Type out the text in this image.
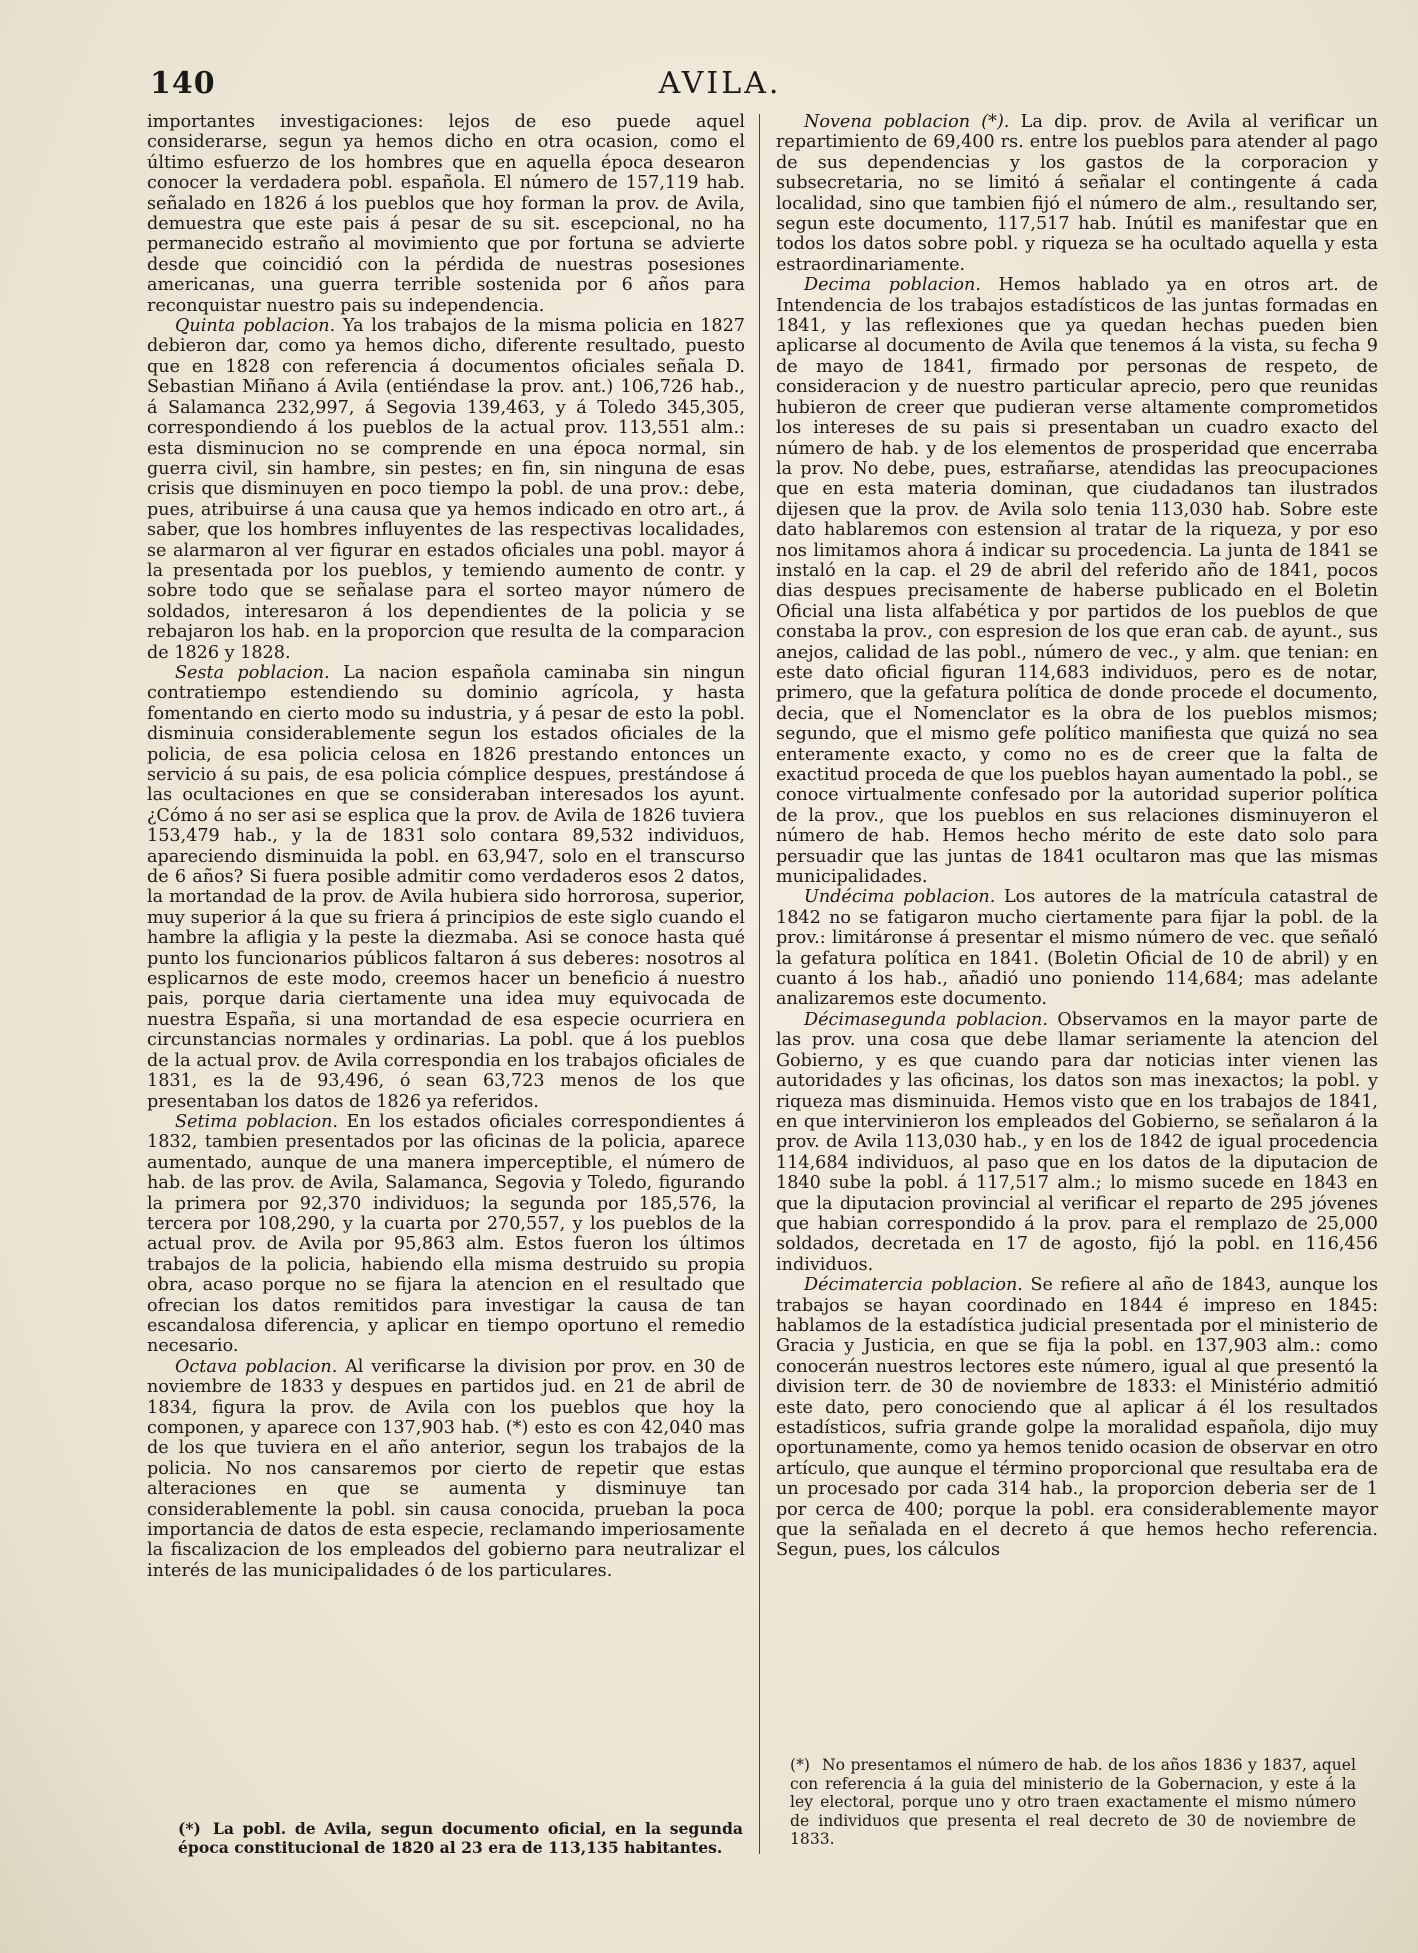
140	AVILA.

importantes investigaciones: lejos de eso puede aquel considerarse, segun ya hemos dicho en otra ocasion, como el último esfuerzo de los hombres que en aquella época desearon conocer la verdadera pobl. española. El número de 157,119 hab. señalado en 1826 á los pueblos que hoy forman la prov. de Avila, demuestra que este pais á pesar de su sit. escepcional, no ha permanecido estraño al movimiento que por fortuna se advierte desde que coincidió con la pérdida de nuestras posesiones americanas, una guerra terrible sostenida por 6 años para reconquistar nuestro pais su independencia.

Quinta poblacion. Ya los trabajos de la misma policia en 1827 debieron dar, como ya hemos dicho, diferente resultado, puesto que en 1828 con referencia á documentos oficiales señala D. Sebastian Miñano á Avila (entiéndase la prov. ant.) 106,726 hab., á Salamanca 232,997, á Segovia 139,463, y á Toledo 345,305, correspondiendo á los pueblos de la actual prov. 113,551 alm.: esta disminucion no se comprende en una época normal, sin guerra civil, sin hambre, sin pestes; en fin, sin ninguna de esas crisis que disminuyen en poco tiempo la pobl. de una prov.: debe, pues, atribuirse á una causa que ya hemos indicado en otro art., á saber, que los hombres influyentes de las respectivas localidades, se alarmaron al ver figurar en estados oficiales una pobl. mayor á la presentada por los pueblos, y temiendo aumento de contr. y sobre todo que se señalase para el sorteo mayor número de soldados, interesaron á los dependientes de la policia y se rebajaron los hab. en la proporcion que resulta de la comparacion de 1826 y 1828.

Sesta poblacion. La nacion española caminaba sin ningun contratiempo estendiendo su dominio agrícola, y hasta fomentando en cierto modo su industria, y á pesar de esto la pobl. disminuia considerablemente segun los estados oficiales de la policia, de esa policia celosa en 1826 prestando entonces un servicio á su pais, de esa policia cómplice despues, prestándose á las ocultaciones en que se consideraban interesados los ayunt. ¿Cómo á no ser asi se esplica que la prov. de Avila de 1826 tuviera 153,479 hab., y la de 1831 solo contara 89,532 individuos, apareciendo disminuida la pobl. en 63,947, solo en el transcurso de 6 años? Si fuera posible admitir como verdaderos esos 2 datos, la mortandad de la prov. de Avila hubiera sido horrorosa, superior, muy superior á la que su friera á principios de este siglo cuando el hambre la afligia y la peste la diezmaba. Asi se conoce hasta qué punto los funcionarios públicos faltaron á sus deberes: nosotros al esplicarnos de este modo, creemos hacer un beneficio á nuestro pais, porque daria ciertamente una idea muy equivocada de nuestra España, si una mortandad de esa especie ocurriera en circunstancias normales y ordinarias. La pobl. que á los pueblos de la actual prov. de Avila correspondia en los trabajos oficiales de 1831, es la de 93,496, ó sean 63,723 menos de los que presentaban los datos de 1826 ya referidos.

Setima poblacion. En los estados oficiales correspondientes á 1832, tambien presentados por las oficinas de la policia, aparece aumentado, aunque de una manera imperceptible, el número de hab. de las prov. de Avila, Salamanca, Segovia y Toledo, figurando la primera por 92,370 individuos; la segunda por 185,576, la tercera por 108,290, y la cuarta por 270,557, y los pueblos de la actual prov. de Avila por 95,863 alm. Estos fueron los últimos trabajos de la policia, habiendo ella misma destruido su propia obra, acaso porque no se fijara la atencion en el resultado que ofrecian los datos remitidos para investigar la causa de tan escandalosa diferencia, y aplicar en tiempo oportuno el remedio necesario.

Octava poblacion. Al verificarse la division por prov. en 30 de noviembre de 1833 y despues en partidos jud. en 21 de abril de 1834, figura la prov. de Avila con los pueblos que hoy la componen, y aparece con 137,903 hab. (*) esto es con 42,040 mas de los que tuviera en el año anterior, segun los trabajos de la policia. No nos cansaremos por cierto de repetir que estas alteraciones en que se aumenta y disminuye tan considerablemente la pobl. sin causa conocida, prueban la poca importancia de datos de esta especie, reclamando imperiosamente la fiscalizacion de los empleados del gobierno para neutralizar el interés de las municipalidades ó de los particulares.

Novena poblacion (*). La dip. prov. de Avila al verificar un repartimiento de 69,400 rs. entre los pueblos para atender al pago de sus dependencias y los gastos de la corporacion y subsecretaria, no se limitó á señalar el contingente á cada localidad, sino que tambien fijó el número de alm., resultando ser, segun este documento, 117,517 hab. Inútil es manifestar que en todos los datos sobre pobl. y riqueza se ha ocultado aquella y esta estraordinariamente.

Decima poblacion. Hemos hablado ya en otros art. de Intendencia de los trabajos estadísticos de las juntas formadas en 1841, y las reflexiones que ya quedan hechas pueden bien aplicarse al documento de Avila que tenemos á la vista, su fecha 9 de mayo de 1841, firmado por personas de respeto, de consideracion y de nuestro particular aprecio, pero que reunidas hubieron de creer que pudieran verse altamente comprometidos los intereses de su pais si presentaban un cuadro exacto del número de hab. y de los elementos de prosperidad que encerraba la prov. No debe, pues, estrañarse, atendidas las preocupaciones que en esta materia dominan, que ciudadanos tan ilustrados dijesen que la prov. de Avila solo tenia 113,030 hab. Sobre este dato hablaremos con estension al tratar de la riqueza, y por eso nos limitamos ahora á indicar su procedencia. La junta de 1841 se instaló en la cap. el 29 de abril del referido año de 1841, pocos dias despues precisamente de haberse publicado en el Boletin Oficial una lista alfabética y por partidos de los pueblos de que constaba la prov., con espresion de los que eran cab. de ayunt., sus anejos, calidad de las pobl., número de vec., y alm. que tenian: en este dato oficial figuran 114,683 individuos, pero es de notar, primero, que la gefatura política de donde procede el documento, decia, que el Nomenclator es la obra de los pueblos mismos; segundo, que el mismo gefe político manifiesta que quizá no sea enteramente exacto, y como no es de creer que la falta de exactitud proceda de que los pueblos hayan aumentado la pobl., se conoce virtualmente confesado por la autoridad superior política de la prov., que los pueblos en sus relaciones disminuyeron el número de hab. Hemos hecho mérito de este dato solo para persuadir que las juntas de 1841 ocultaron mas que las mismas municipalidades.

Undécima poblacion. Los autores de la matrícula catastral de 1842 no se fatigaron mucho ciertamente para fijar la pobl. de la prov.: limitáronse á presentar el mismo número de vec. que señaló la gefatura política en 1841. (Boletin Oficial de 10 de abril) y en cuanto á los hab., añadió uno poniendo 114,684; mas adelante analizaremos este documento.

Décimasegunda poblacion. Observamos en la mayor parte de las prov. una cosa que debe llamar seriamente la atencion del Gobierno, y es que cuando para dar noticias inter vienen las autoridades y las oficinas, los datos son mas inexactos; la pobl. y riqueza mas disminuida. Hemos visto que en los trabajos de 1841, en que intervinieron los empleados del Gobierno, se señalaron á la prov. de Avila 113,030 hab., y en los de 1842 de igual procedencia 114,684 individuos, al paso que en los datos de la diputacion de 1840 sube la pobl. á 117,517 alm.; lo mismo sucede en 1843 en que la diputacion provincial al verificar el reparto de 295 jóvenes que habian correspondido á la prov. para el remplazo de 25,000 soldados, decretada en 17 de agosto, fijó la pobl. en 116,456 individuos.

Décimatercia poblacion. Se refiere al año de 1843, aunque los trabajos se hayan coordinado en 1844 é impreso en 1845: hablamos de la estadística judicial presentada por el ministerio de Gracia y Justicia, en que se fija la pobl. en 137,903 alm.: como conocerán nuestros lectores este número, igual al que presentó la division terr. de 30 de noviembre de 1833: el Ministério admitió este dato, pero conociendo que al aplicar á él los resultados estadísticos, sufria grande golpe la moralidad española, dijo muy oportunamente, como ya hemos tenido ocasion de observar en otro artículo, que aunque el término proporcional que resultaba era de un procesado por cada 314 hab., la proporcion deberia ser de 1 por cerca de 400; porque la pobl. era considerablemente mayor que la señalada en el decreto á que hemos hecho referencia. Segun, pues, los cálculos

(*) No presentamos el número de hab. de los años 1836 y 1837, aquel con referencia á la guia del ministerio de la Gobernacion, y este á la ley electoral, porque uno y otro traen exactamente el mismo número de individuos que presenta el real decreto de 30 de noviembre de 1833.
(*) La pobl. de Avila, segun documento oficial, en la segunda época constitucional de 1820 al 23 era de 113,135 habitantes.
